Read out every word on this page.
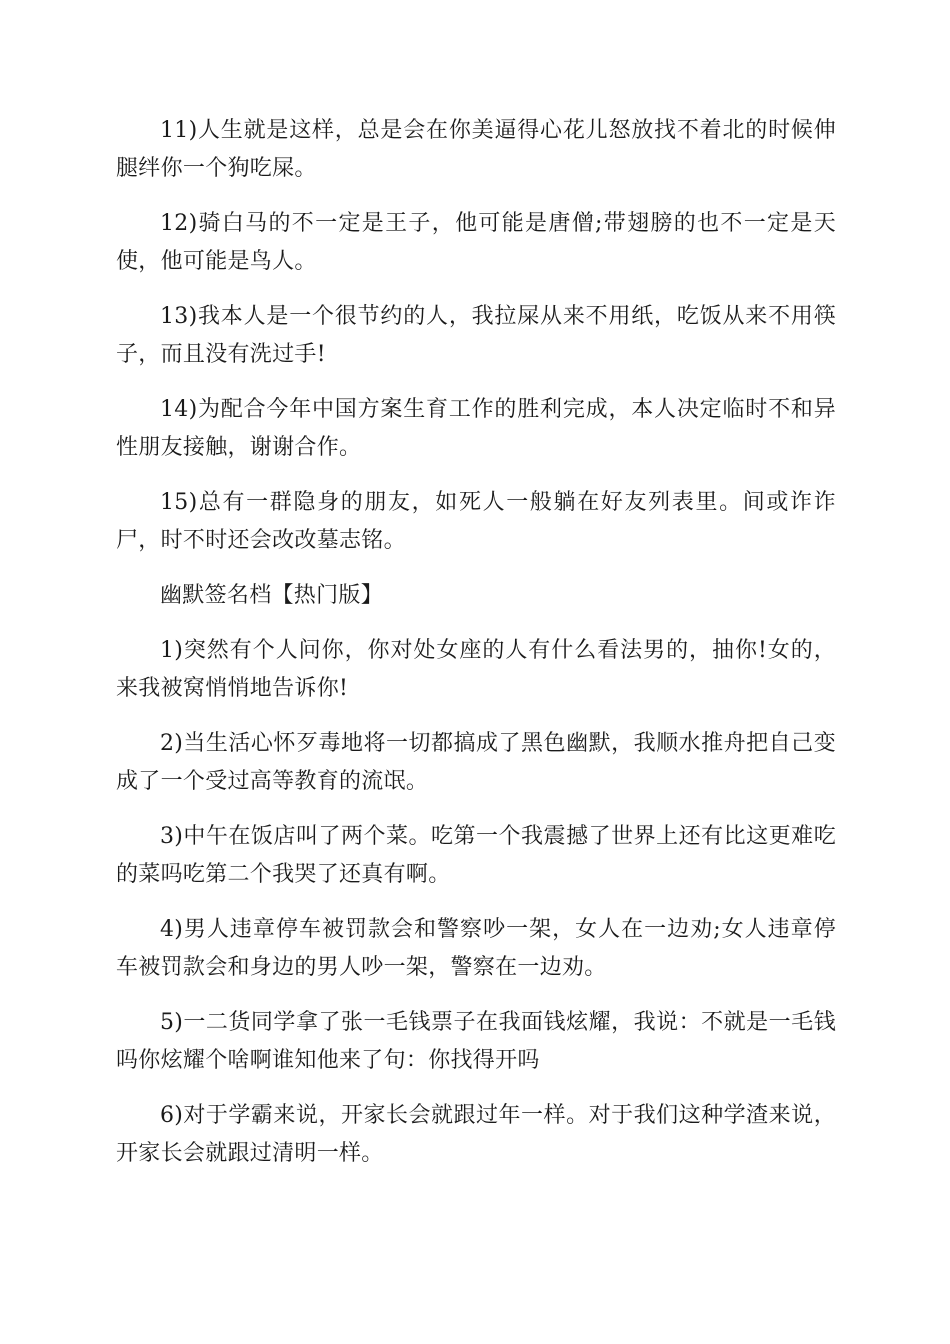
11)人生就是这样，总是会在你美逼得心花儿怒放找不着北的时候伸腿绊你一个狗吃屎。

12)骑白马的不一定是王子，他可能是唐僧;带翅膀的也不一定是天使，他可能是鸟人。

13)我本人是一个很节约的人，我拉屎从来不用纸，吃饭从来不用筷子，而且没有洗过手!

14)为配合今年中国方案生育工作的胜利完成，本人决定临时不和异性朋友接触，谢谢合作。

15)总有一群隐身的朋友，如死人一般躺在好友列表里。间或诈诈尸，时不时还会改改墓志铭。

幽默签名档【热门版】

1)突然有个人问你，你对处女座的人有什么看法男的，抽你!女的，来我被窝悄悄地告诉你!

2)当生活心怀歹毒地将一切都搞成了黑色幽默，我顺水推舟把自己变成了一个受过高等教育的流氓。

3)中午在饭店叫了两个菜。吃第一个我震撼了世界上还有比这更难吃的菜吗吃第二个我哭了还真有啊。

4)男人违章停车被罚款会和警察吵一架，女人在一边劝;女人违章停车被罚款会和身边的男人吵一架，警察在一边劝。

5)一二货同学拿了张一毛钱票子在我面钱炫耀，我说：不就是一毛钱吗你炫耀个啥啊谁知他来了句：你找得开吗

6)对于学霸来说，开家长会就跟过年一样。对于我们这种学渣来说，开家长会就跟过清明一样。
